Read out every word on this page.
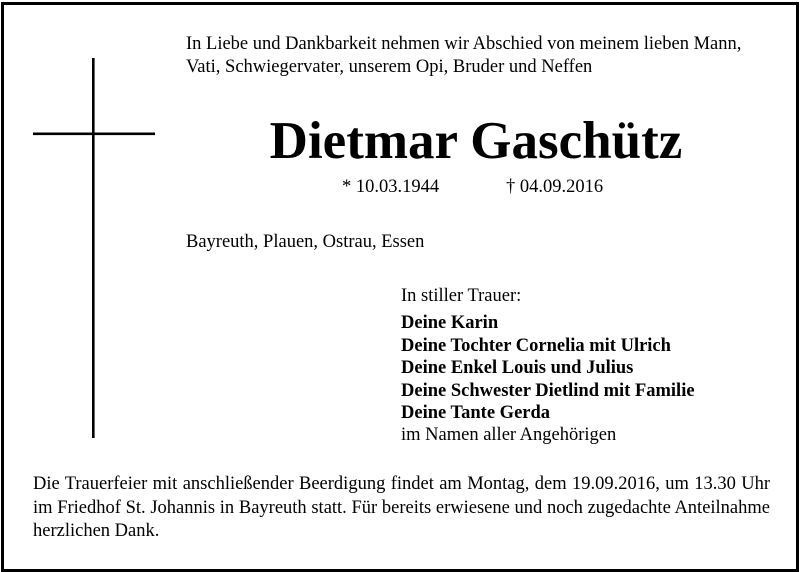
In Liebe und Dankbarkeit nehmen wir Abschied von meinem lieben Mann,
Vati, Schwiegervater, unserem Opi, Bruder und Neffen

Dietmar Gaschütz
* 10.03.1944	† 04.09.2016
Bayreuth, Plauen, Ostrau, Essen
In stiller Trauer:
Deine Karin
Deine Tochter Cornelia mit Ulrich
Deine Enkel Louis und Julius
Deine Schwester Dietlind mit Familie
Deine Tante Gerda
im Namen aller Angehörigen

Die Trauerfeier mit anschließender Beerdigung findet am Montag, dem 19.09.2016, um 13.30 Uhr im Friedhof St. Johannis in Bayreuth statt. Für bereits erwiesene und noch zugedachte Anteilnahme herzlichen Dank.
